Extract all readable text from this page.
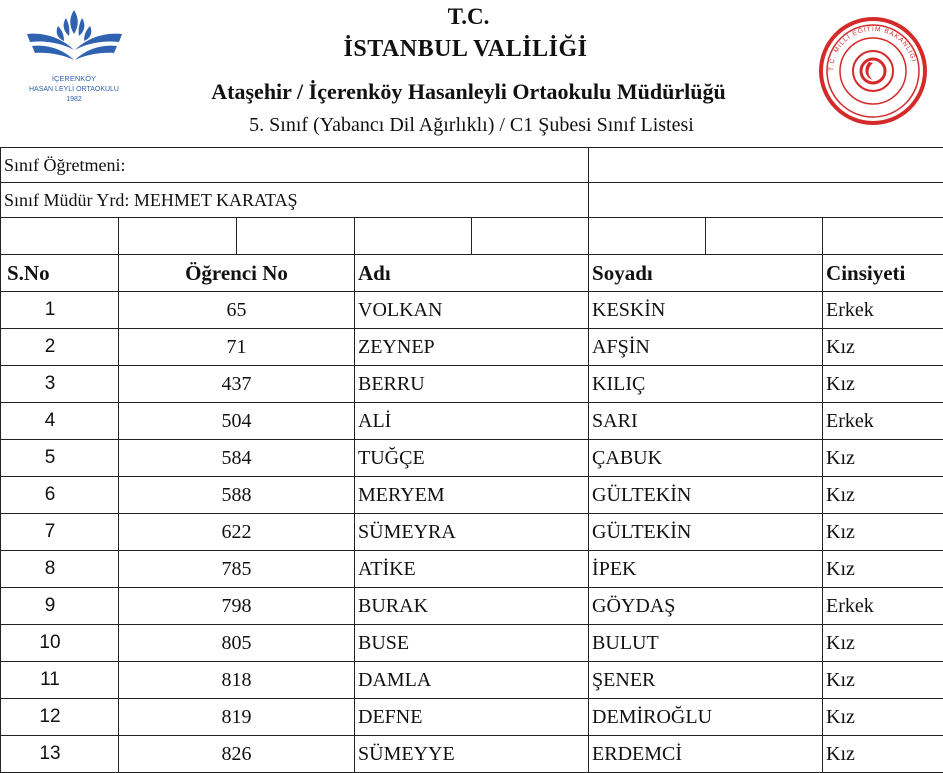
İÇERENKÖY
HASAN LEYLİ ORTAOKULU
1982
T.C. MİLLÎ EĞİTİM BAKANLIĞI
T.C.
İSTANBUL VALİLİĞİ
Ataşehir / İçerenköy Hasanleyli Ortaokulu Müdürlüğü
5. Sınıf (Yabancı Dil Ağırlıklı) / C1 Şubesi Sınıf Listesi
Sınıf Öğretmeni:							
Sınıf Müdür Yrd: MEHMET KARATAŞ							

S.No	Öğrenci No		Adı		Soyadı		Cinsiyeti
1	65		VOLKAN		KESKİN		Erkek
2	71		ZEYNEP		AFŞİN		Kız
3	437		BERRU		KILIÇ		Kız
4	504		ALİ		SARI		Erkek
5	584		TUĞÇE		ÇABUK		Kız
6	588		MERYEM		GÜLTEKİN		Kız
7	622		SÜMEYRA		GÜLTEKİN		Kız
8	785		ATİKE		İPEK		Kız
9	798		BURAK		GÖYDAŞ		Erkek
10	805		BUSE		BULUT		Kız
11	818		DAMLA		ŞENER		Kız
12	819		DEFNE		DEMİROĞLU		Kız
13	826		SÜMEYYE		ERDEMCİ		Kız
